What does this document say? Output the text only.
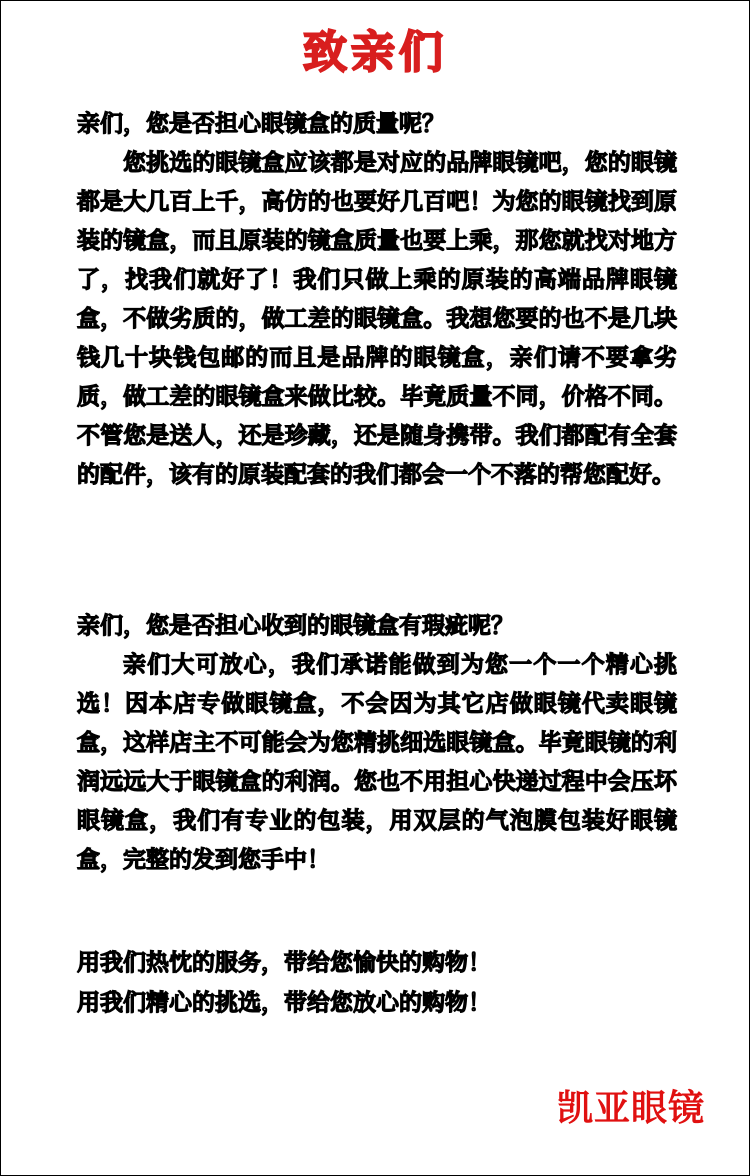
致亲们

亲们，您是否担心眼镜盒的质量呢？

您挑选的眼镜盒应该都是对应的品牌眼镜吧，您的眼镜都是大几百上千，高仿的也要好几百吧！为您的眼镜找到原装的镜盒，而且原装的镜盒质量也要上乘，那您就找对地方了，找我们就好了！我们只做上乘的原装的高端品牌眼镜盒，不做劣质的，做工差的眼镜盒。我想您要的也不是几块钱几十块钱包邮的而且是品牌的眼镜盒，亲们请不要拿劣质，做工差的眼镜盒来做比较。毕竟质量不同，价格不同。不管您是送人，还是珍藏，还是随身携带。我们都配有全套的配件，该有的原装配套的我们都会一个不落的帮您配好。

亲们，您是否担心收到的眼镜盒有瑕疵呢？

亲们大可放心，我们承诺能做到为您一个一个精心挑选！因本店专做眼镜盒，不会因为其它店做眼镜代卖眼镜盒，这样店主不可能会为您精挑细选眼镜盒。毕竟眼镜的利润远远大于眼镜盒的利润。您也不用担心快递过程中会压坏眼镜盒，我们有专业的包装，用双层的气泡膜包装好眼镜盒，完整的发到您手中！

用我们热忱的服务，带给您愉快的购物！
用我们精心的挑选，带给您放心的购物！
凯亚眼镜
